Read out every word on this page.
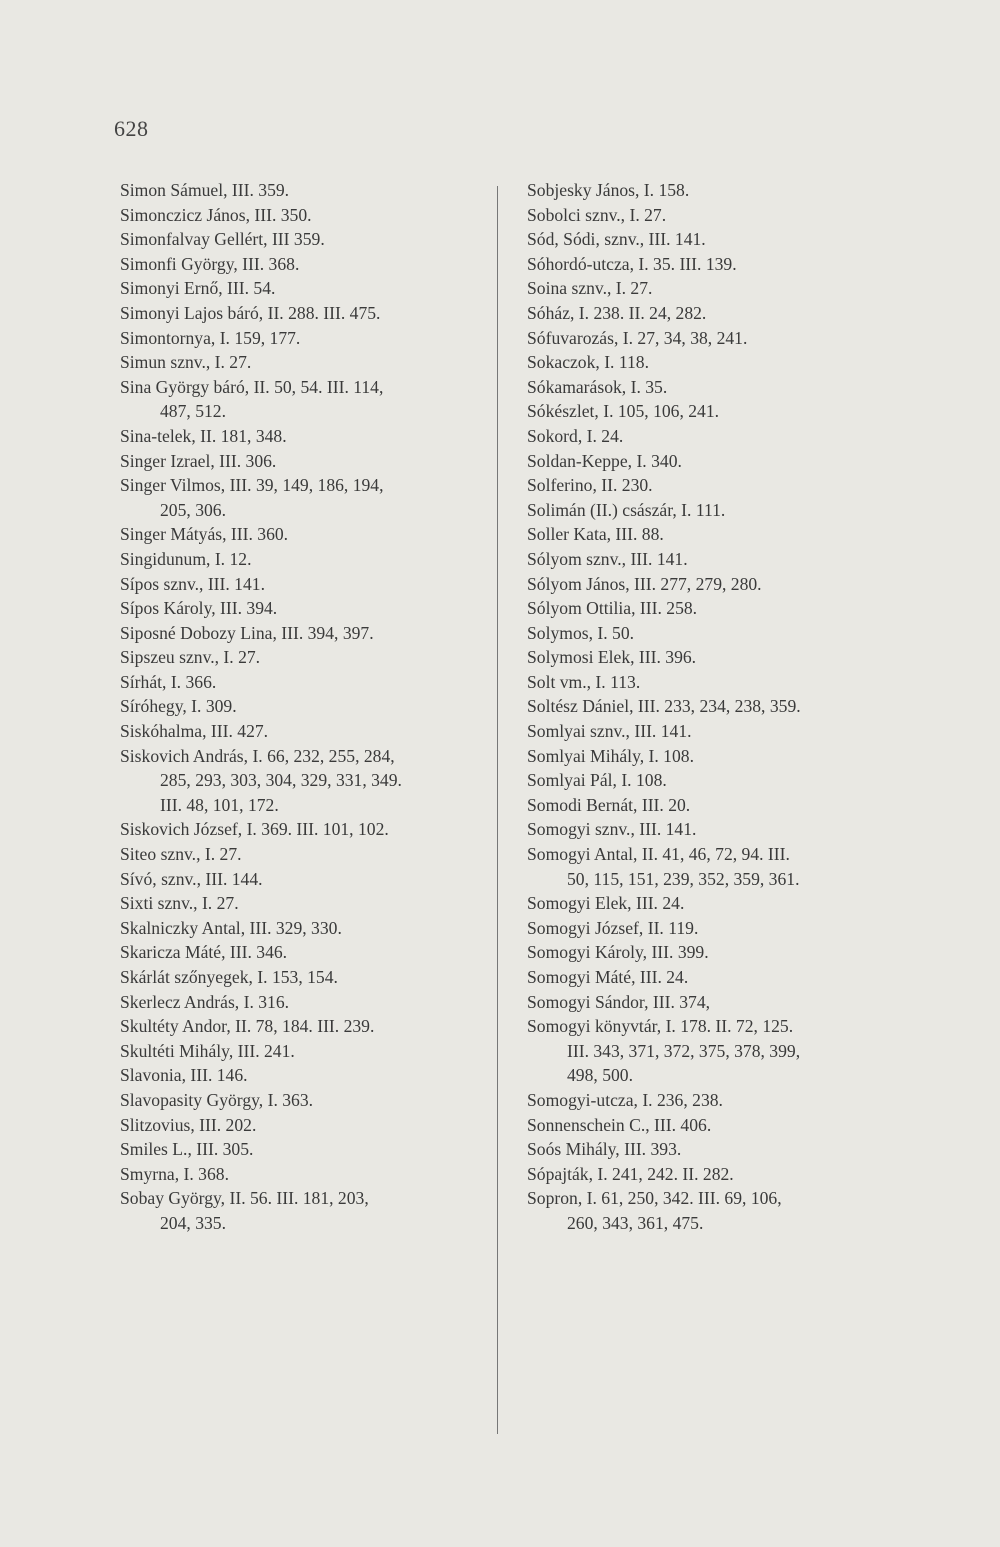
628
Simon Sámuel, III. 359.
Simonczicz János, III. 350.
Simonfalvay Gellért, III 359.
Simonfi György, III. 368.
Simonyi Ernő, III. 54.
Simonyi Lajos báró, II. 288. III. 475.
Simontornya, I. 159, 177.
Simun sznv., I. 27.
Sina György báró, II. 50, 54. III. 114,
487, 512.
Sina-telek, II. 181, 348.
Singer Izrael, III. 306.
Singer Vilmos, III. 39, 149, 186, 194,
205, 306.
Singer Mátyás, III. 360.
Singidunum, I. 12.
Sípos sznv., III. 141.
Sípos Károly, III. 394.
Siposné Dobozy Lina, III. 394, 397.
Sipszeu sznv., I. 27.
Sírhát, I. 366.
Síróhegy, I. 309.
Siskóhalma, III. 427.
Siskovich András, I. 66, 232, 255, 284,
285, 293, 303, 304, 329, 331, 349.
III. 48, 101, 172.
Siskovich József, I. 369. III. 101, 102.
Siteo sznv., I. 27.
Sívó, sznv., III. 144.
Sixti sznv., I. 27.
Skalniczky Antal, III. 329, 330.
Skaricza Máté, III. 346.
Skárlát szőnyegek, I. 153, 154.
Skerlecz András, I. 316.
Skultéty Andor, II. 78, 184. III. 239.
Skultéti Mihály, III. 241.
Slavonia, III. 146.
Slavopasity György, I. 363.
Slitzovius, III. 202.
Smiles L., III. 305.
Smyrna, I. 368.
Sobay György, II. 56. III. 181, 203,
204, 335.
Sobjesky János, I. 158.
Sobolci sznv., I. 27.
Sód, Sódi, sznv., III. 141.
Sóhordó-utcza, I. 35. III. 139.
Soina sznv., I. 27.
Sóház, I. 238. II. 24, 282.
Sófuvarozás, I. 27, 34, 38, 241.
Sokaczok, I. 118.
Sókamarások, I. 35.
Sókészlet, I. 105, 106, 241.
Sokord, I. 24.
Soldan-Keppe, I. 340.
Solferino, II. 230.
Solimán (II.) császár, I. 111.
Soller Kata, III. 88.
Sólyom sznv., III. 141.
Sólyom János, III. 277, 279, 280.
Sólyom Ottilia, III. 258.
Solymos, I. 50.
Solymosi Elek, III. 396.
Solt vm., I. 113.
Soltész Dániel, III. 233, 234, 238, 359.
Somlyai sznv., III. 141.
Somlyai Mihály, I. 108.
Somlyai Pál, I. 108.
Somodi Bernát, III. 20.
Somogyi sznv., III. 141.
Somogyi Antal, II. 41, 46, 72, 94. III.
50, 115, 151, 239, 352, 359, 361.
Somogyi Elek, III. 24.
Somogyi József, II. 119.
Somogyi Károly, III. 399.
Somogyi Máté, III. 24.
Somogyi Sándor, III. 374,
Somogyi könyvtár, I. 178. II. 72, 125.
III. 343, 371, 372, 375, 378, 399,
498, 500.
Somogyi-utcza, I. 236, 238.
Sonnenschein C., III. 406.
Soós Mihály, III. 393.
Sópajták, I. 241, 242. II. 282.
Sopron, I. 61, 250, 342. III. 69, 106,
260, 343, 361, 475.
